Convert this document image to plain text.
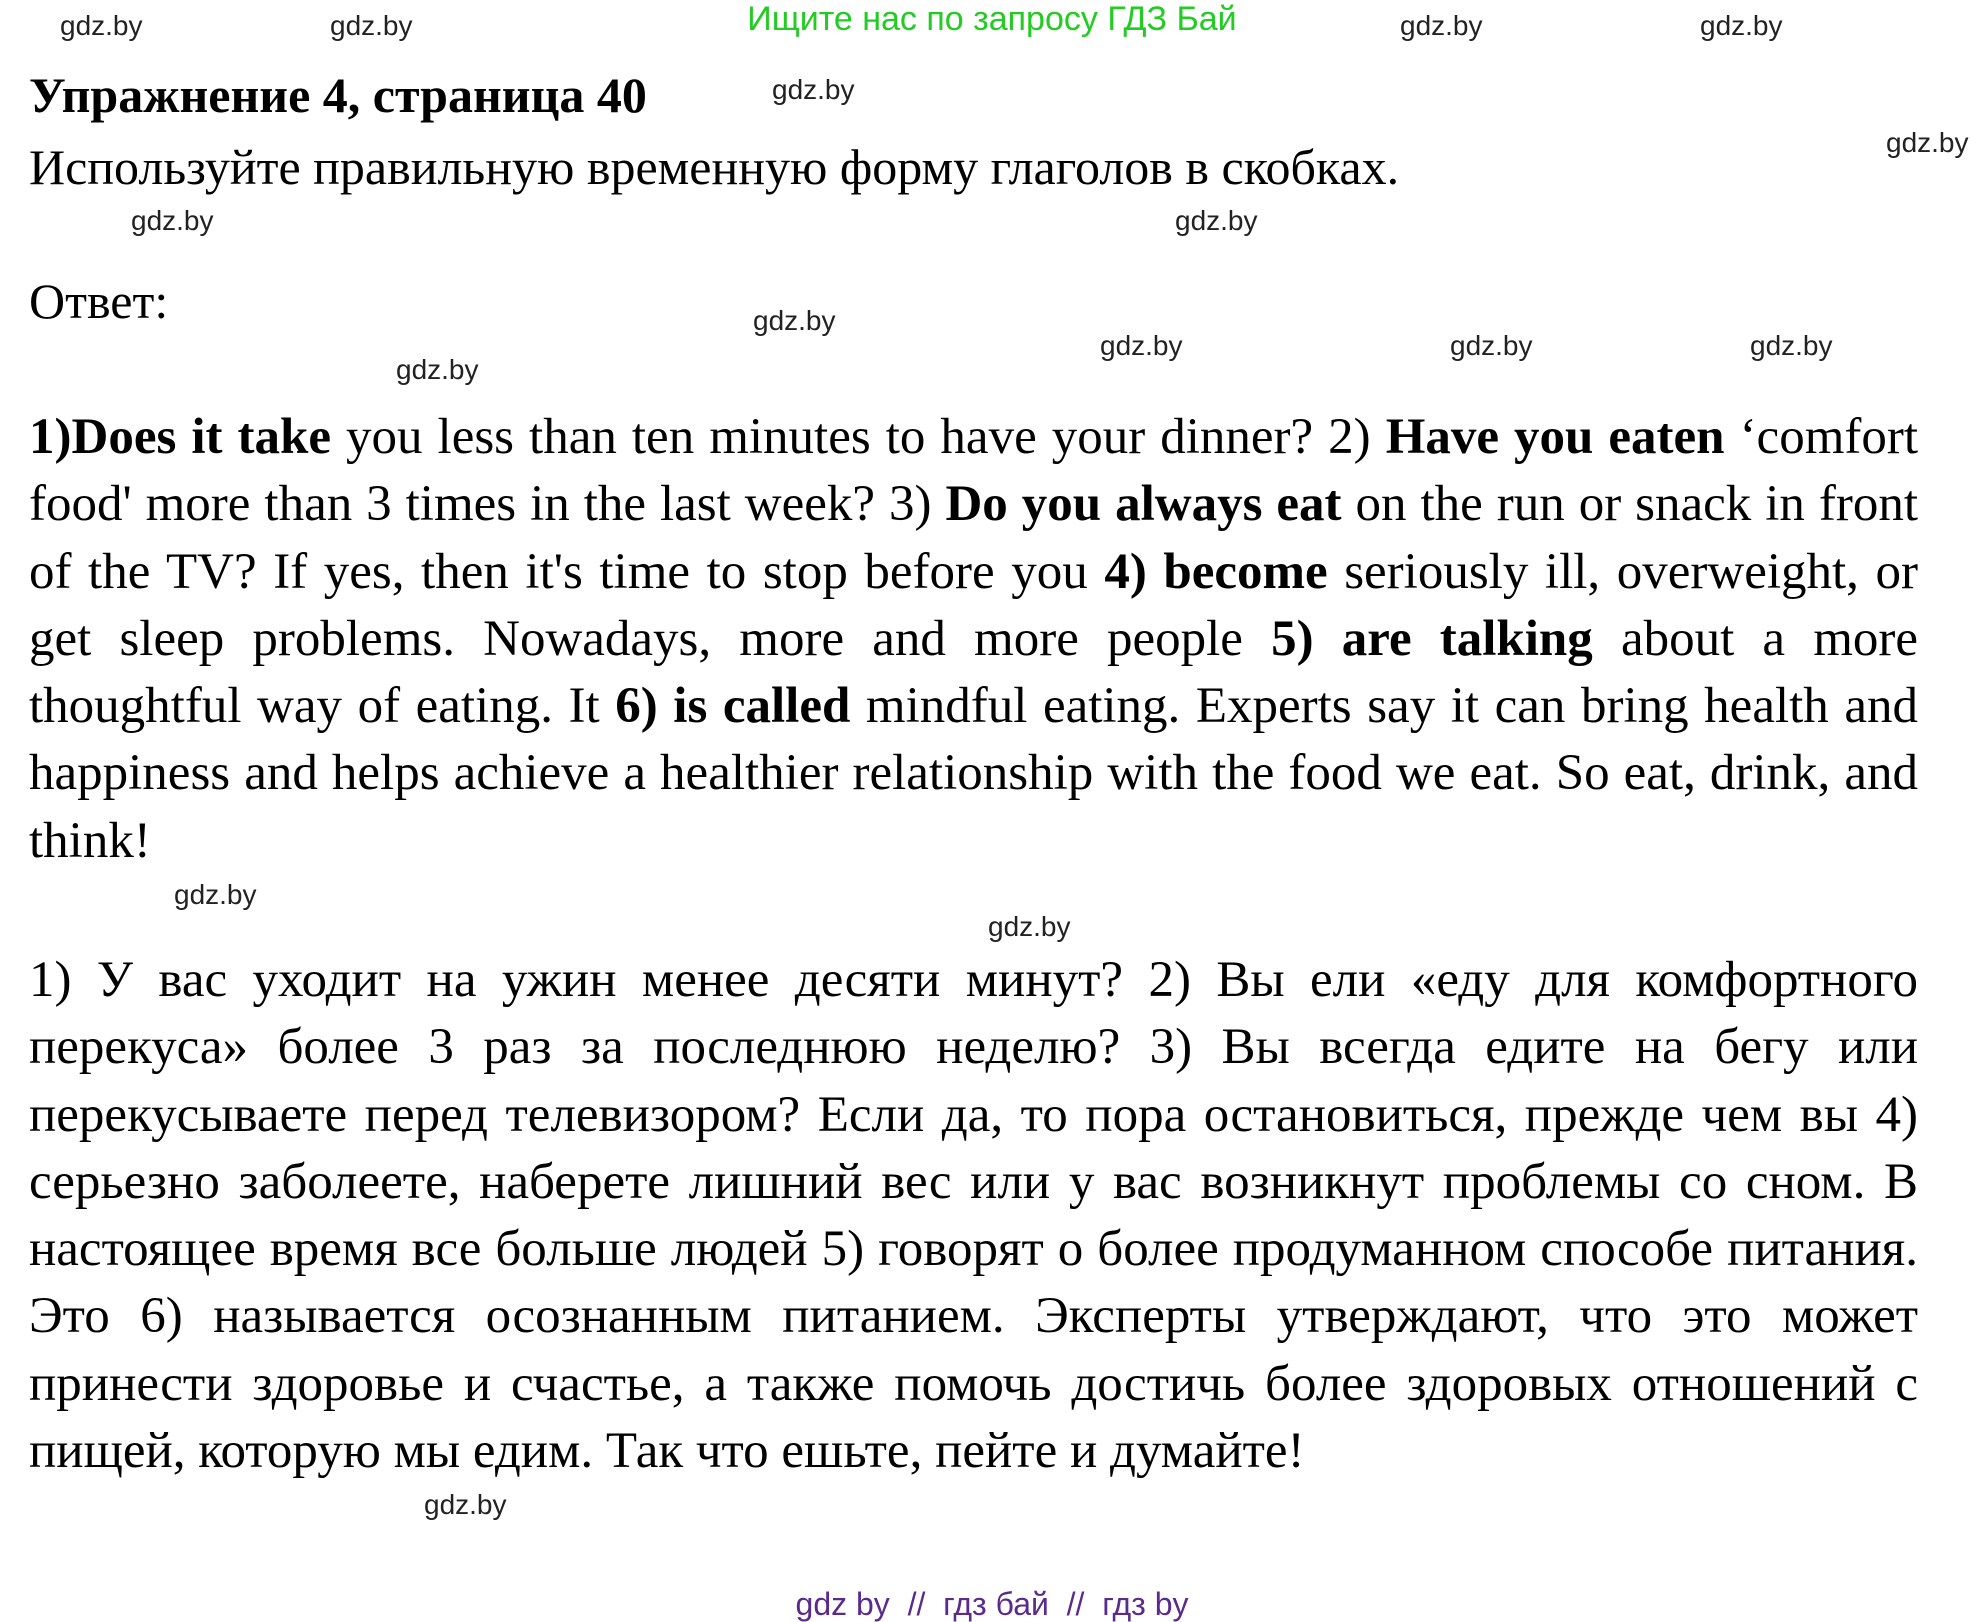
Ищите нас по запросу ГДЗ Бай
Упражнение 4, страница 40
Используйте правильную временную форму глаголов в скобках.
Ответ:
1)Does it take you less than ten minutes to have your dinner? 2) Have you eaten ‘comfort food' more than 3 times in the last week? 3) Do you always eat on the run or snack in front of the TV? If yes, then it's time to stop before you 4) become seriously ill, overweight, or get sleep problems. Nowadays, more and more people 5) are talking about a more thoughtful way of eating. It 6) is called mindful eating. Experts say it can bring health and happiness and helps achieve a healthier relationship with the food we eat. So eat, drink, and think!
1) У вас уходит на ужин менее десяти минут? 2) Вы ели «еду для комфортного перекуса» более 3 раз за последнюю неделю? 3) Вы всегда едите на бегу или перекусываете перед телевизором? Если да, то пора остановиться, прежде чем вы 4) серьезно заболеете, наберете лишний вес или у вас возникнут проблемы со сном. В настоящее время все больше людей 5) говорят о более продуманном способе питания. Это 6) называется осознанным питанием. Эксперты утверждают, что это может принести здоровье и счастье, а также помочь достичь более здоровых отношений с пищей, которую мы едим. Так что ешьте, пейте и думайте!
gdz.by	gdz.by	gdz.by	gdz.by
gdz.by
gdz.by
gdz.by	gdz.by
gdz.by
gdz.by
gdz.by	gdz.by	gdz.by
gdz.by
gdz.by
gdz.by
gdz by  //  гдз бай  //  гдз by
